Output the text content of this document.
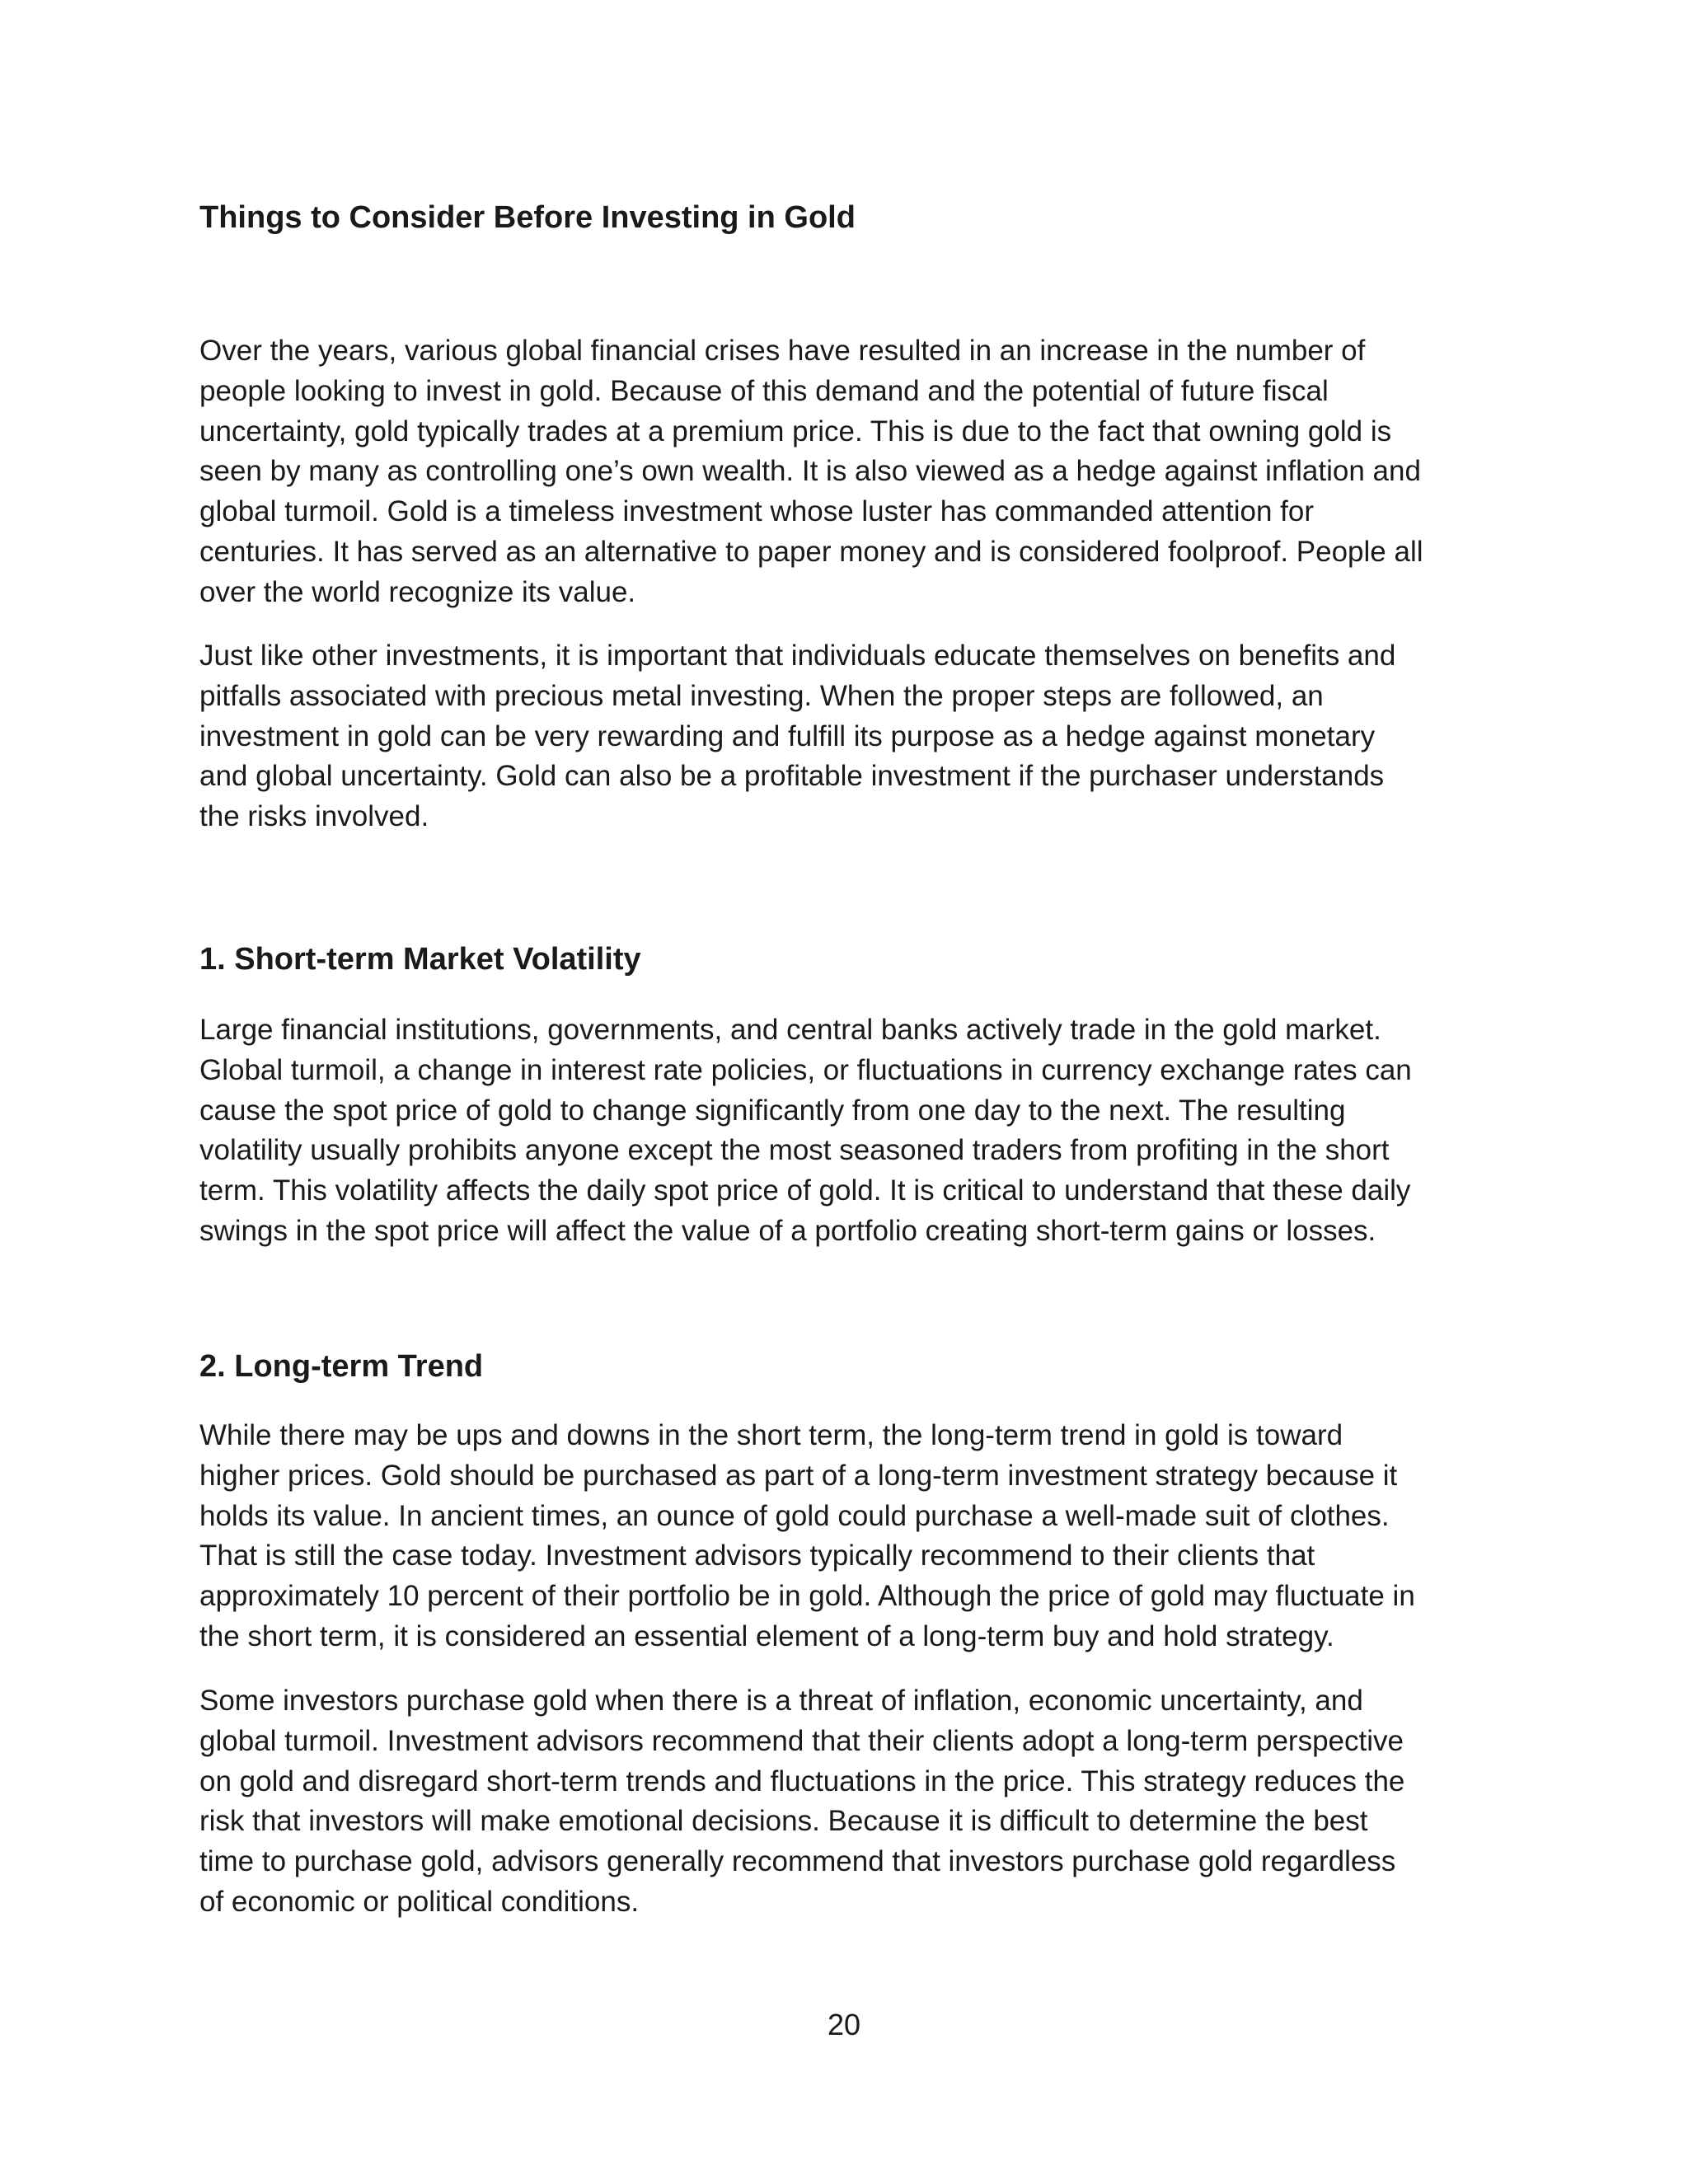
Things to Consider Before Investing in Gold

Over the years, various global financial crises have resulted in an increase in the number of
people looking to invest in gold. Because of this demand and the potential of future fiscal
uncertainty, gold typically trades at a premium price. This is due to the fact that owning gold is
seen by many as controlling one’s own wealth. It is also viewed as a hedge against inflation and
global turmoil. Gold is a timeless investment whose luster has commanded attention for
centuries. It has served as an alternative to paper money and is considered foolproof. People all
over the world recognize its value.

Just like other investments, it is important that individuals educate themselves on benefits and
pitfalls associated with precious metal investing. When the proper steps are followed, an
investment in gold can be very rewarding and fulfill its purpose as a hedge against monetary
and global uncertainty. Gold can also be a profitable investment if the purchaser understands
the risks involved.

1. Short-term Market Volatility

Large financial institutions, governments, and central banks actively trade in the gold market.
Global turmoil, a change in interest rate policies, or fluctuations in currency exchange rates can
cause the spot price of gold to change significantly from one day to the next. The resulting
volatility usually prohibits anyone except the most seasoned traders from profiting in the short
term. This volatility affects the daily spot price of gold. It is critical to understand that these daily
swings in the spot price will affect the value of a portfolio creating short-term gains or losses.

2. Long-term Trend

While there may be ups and downs in the short term, the long-term trend in gold is toward
higher prices. Gold should be purchased as part of a long-term investment strategy because it
holds its value. In ancient times, an ounce of gold could purchase a well-made suit of clothes.
That is still the case today. Investment advisors typically recommend to their clients that
approximately 10 percent of their portfolio be in gold. Although the price of gold may fluctuate in
the short term, it is considered an essential element of a long-term buy and hold strategy.

Some investors purchase gold when there is a threat of inflation, economic uncertainty, and
global turmoil. Investment advisors recommend that their clients adopt a long-term perspective
on gold and disregard short-term trends and fluctuations in the price. This strategy reduces the
risk that investors will make emotional decisions. Because it is difficult to determine the best
time to purchase gold, advisors generally recommend that investors purchase gold regardless
of economic or political conditions.

20
